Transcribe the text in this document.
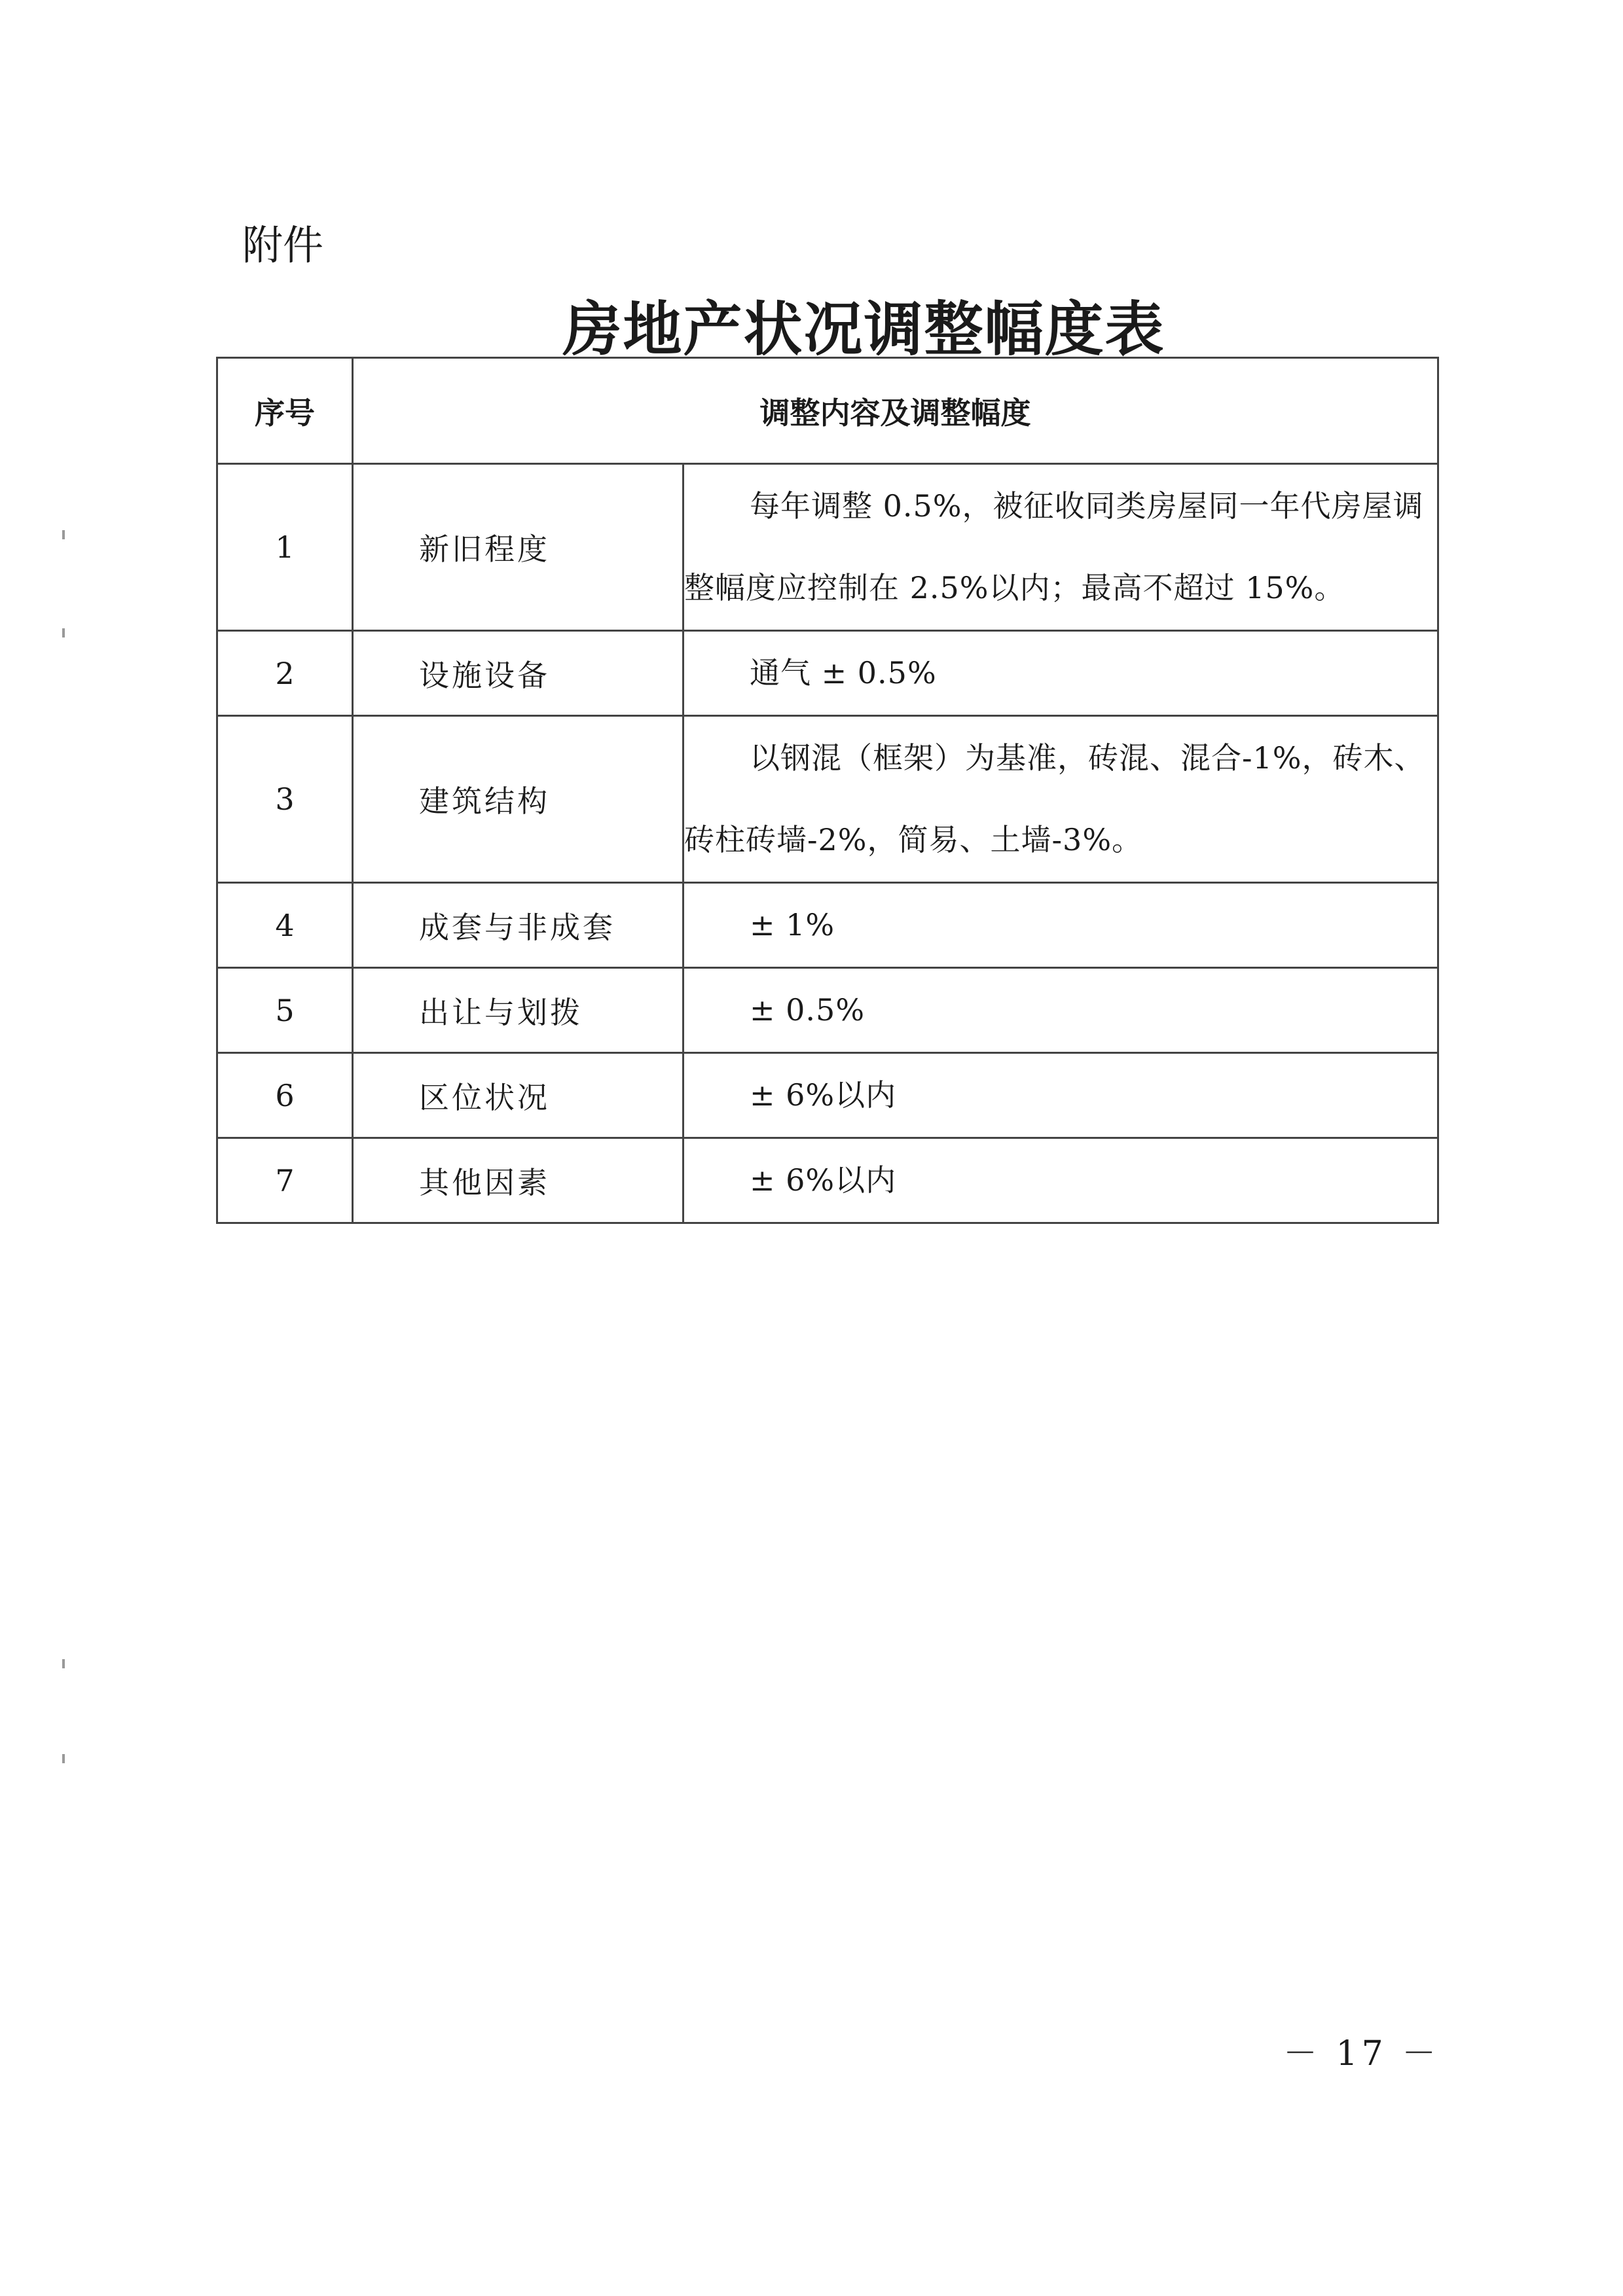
附件
房地产状况调整幅度表
序号	调整内容及调整幅度	
1	新旧程度	每年调整 0.5%，被征收同类房屋同一年代房屋调整幅度应控制在 2.5%以内；最高不超过 15%。
2	设施设备	通气 ± 0.5%
3	建筑结构	以钢混（框架）为基准，砖混、混合-1%，砖木、砖柱砖墙-2%，简易、土墙-3%。
4	成套与非成套	± 1%
5	出让与划拨	± 0.5%
6	区位状况	± 6%以内
7	其他因素	± 6%以内
－ 17 －
